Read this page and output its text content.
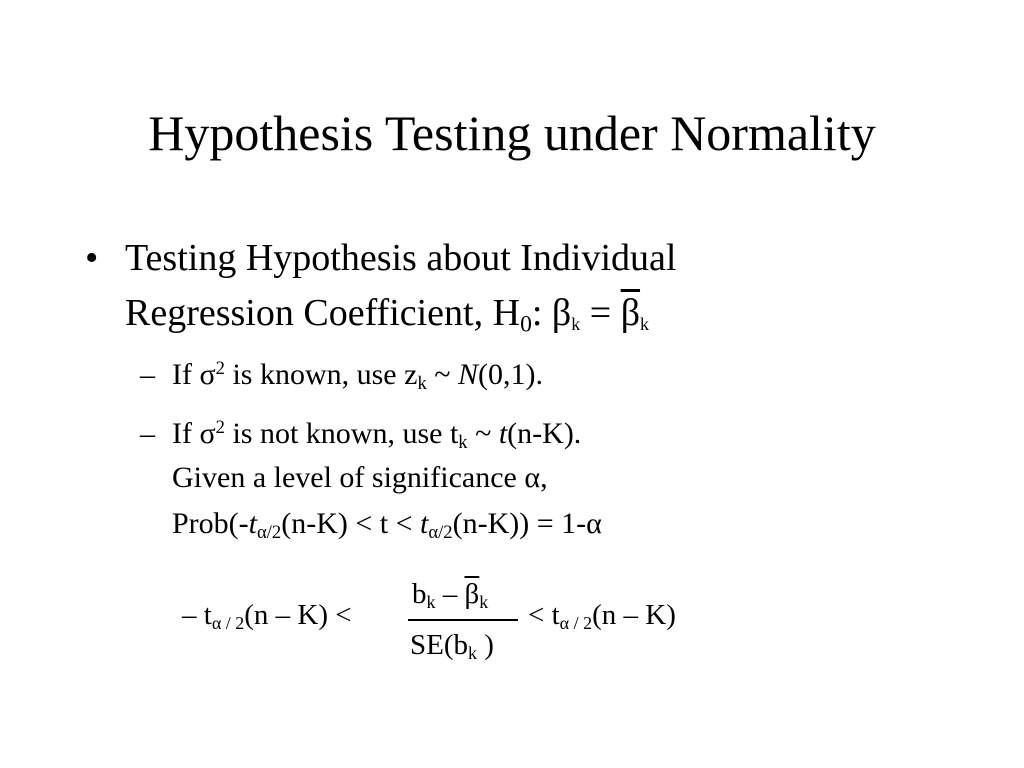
Hypothesis Testing under Normality
• Testing Hypothesis about Individual
Regression Coefficient, $H_0$: $\beta_k = \overline{\beta}_k$
– If $\sigma^2$ is known, use $z_k$ ~ N(0,1).
– If $\sigma^2$ is not known, use $t_k$ ~ t(n-K).
Given a level of significance α,
$Prob(-t_{\alpha/2}(n-K) < t < t_{\alpha/2}(n-K)) = 1-\alpha$
– $t_{\alpha / 2}(n - K)$ <
$b_k - \overline{\beta}_k$
$SE(b_k$ )
< $t_{\alpha / 2}(n - K)$
